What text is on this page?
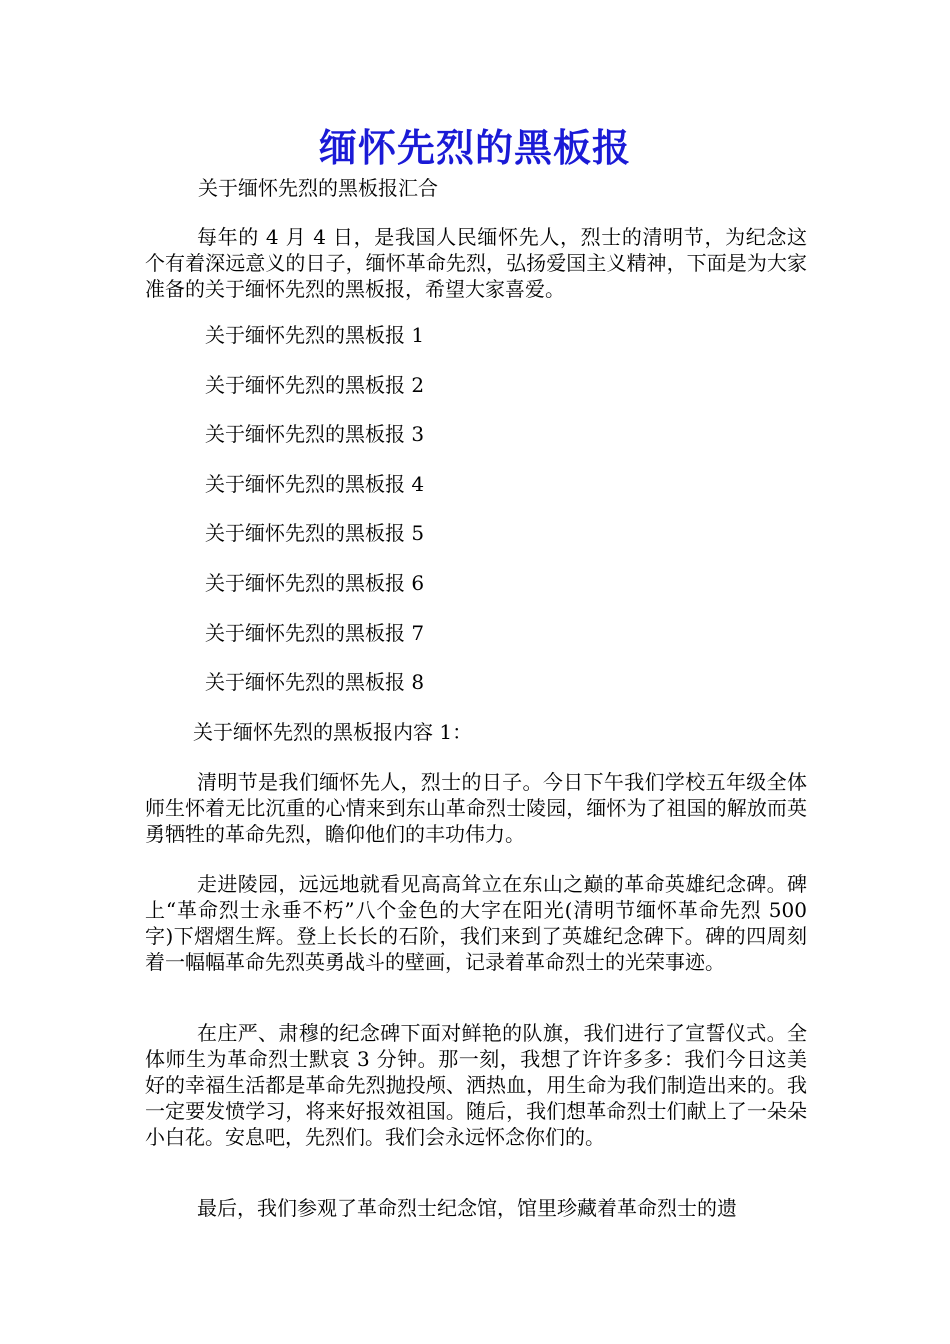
缅怀先烈的黑板报
关于缅怀先烈的黑板报汇合

每年的 4 月 4 日，是我国人民缅怀先人，烈士的清明节，为纪念这个有着深远意义的日子，缅怀革命先烈，弘扬爱国主义精神，下面是为大家准备的关于缅怀先烈的黑板报，希望大家喜爱。

关于缅怀先烈的黑板报 1
关于缅怀先烈的黑板报 2
关于缅怀先烈的黑板报 3
关于缅怀先烈的黑板报 4
关于缅怀先烈的黑板报 5
关于缅怀先烈的黑板报 6
关于缅怀先烈的黑板报 7
关于缅怀先烈的黑板报 8
关于缅怀先烈的黑板报内容 1：

清明节是我们缅怀先人，烈士的日子。今日下午我们学校五年级全体师生怀着无比沉重的心情来到东山革命烈士陵园，缅怀为了祖国的解放而英勇牺牲的革命先烈，瞻仰他们的丰功伟力。

走进陵园，远远地就看见高高耸立在东山之巅的革命英雄纪念碑。碑上“革命烈士永垂不朽”八个金色的大字在阳光(清明节缅怀革命先烈 500 字)下熠熠生辉。登上长长的石阶，我们来到了英雄纪念碑下。碑的四周刻着一幅幅革命先烈英勇战斗的壁画，记录着革命烈士的光荣事迹。

在庄严、肃穆的纪念碑下面对鲜艳的队旗，我们进行了宣誓仪式。全体师生为革命烈士默哀 3 分钟。那一刻，我想了许许多多：我们今日这美好的幸福生活都是革命先烈抛投颅、洒热血，用生命为我们制造出来的。我一定要发愤学习，将来好报效祖国。随后，我们想革命烈士们献上了一朵朵小白花。安息吧，先烈们。我们会永远怀念你们的。

最后，我们参观了革命烈士纪念馆，馆里珍藏着革命烈士的遗
